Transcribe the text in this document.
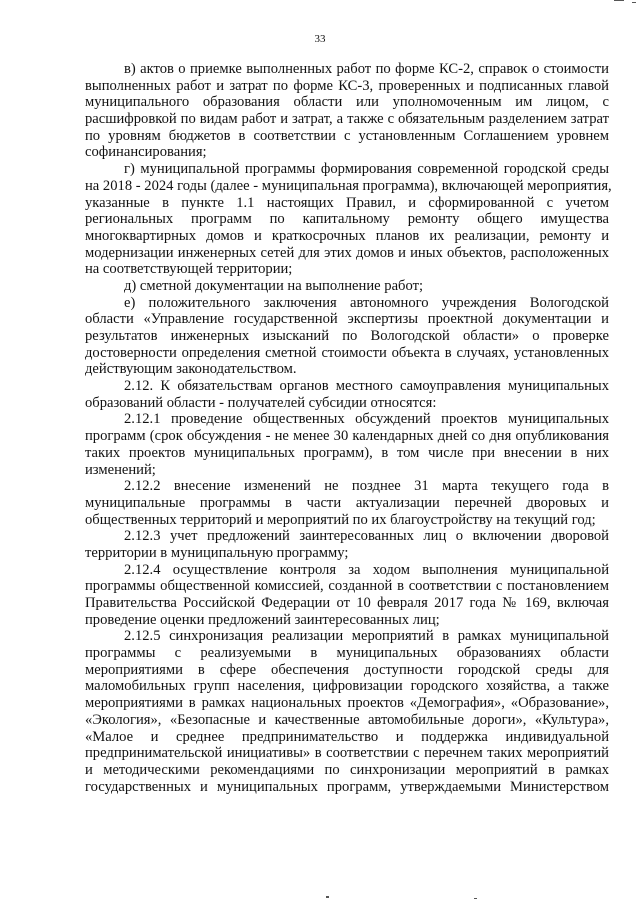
33
в) актов о приемке выполненных работ по форме КС-2, справок о стоимости
выполненных работ и затрат по форме КС-3, проверенных и подписанных главой
муниципального образования области или уполномоченным им лицом, с
расшифровкой по видам работ и затрат, а также с обязательным разделением затрат
по уровням бюджетов в соответствии с установленным Соглашением уровнем
софинансирования;
г) муниципальной программы формирования современной городской среды
на 2018 - 2024 годы (далее - муниципальная программа), включающей мероприятия,
указанные в пункте 1.1 настоящих Правил, и сформированной с учетом
региональных программ по капитальному ремонту общего имущества
многоквартирных домов и краткосрочных планов их реализации, ремонту и
модернизации инженерных сетей для этих домов и иных объектов, расположенных
на соответствующей территории;
д) сметной документации на выполнение работ;
е) положительного заключения автономного учреждения Вологодской
области «Управление государственной экспертизы проектной документации и
результатов инженерных изысканий по Вологодской области» о проверке
достоверности определения сметной стоимости объекта в случаях, установленных
действующим законодательством.
2.12. К обязательствам органов местного самоуправления муниципальных
образований области - получателей субсидии относятся:
2.12.1 проведение общественных обсуждений проектов муниципальных
программ (срок обсуждения - не менее 30 календарных дней со дня опубликования
таких проектов муниципальных программ), в том числе при внесении в них
изменений;
2.12.2 внесение изменений не позднее 31 марта текущего года в
муниципальные программы в части актуализации перечней дворовых и
общественных территорий и мероприятий по их благоустройству на текущий год;
2.12.3 учет предложений заинтересованных лиц о включении дворовой
территории в муниципальную программу;
2.12.4 осуществление контроля за ходом выполнения муниципальной
программы общественной комиссией, созданной в соответствии с постановлением
Правительства Российской Федерации от 10 февраля 2017 года № 169, включая
проведение оценки предложений заинтересованных лиц;
2.12.5 синхронизация реализации мероприятий в рамках муниципальной
программы с реализуемыми в муниципальных образованиях области
мероприятиями в сфере обеспечения доступности городской среды для
маломобильных групп населения, цифровизации городского хозяйства, а также
мероприятиями в рамках национальных проектов «Демография», «Образование»,
«Экология», «Безопасные и качественные автомобильные дороги», «Культура»,
«Малое и среднее предпринимательство и поддержка индивидуальной
предпринимательской инициативы» в соответствии с перечнем таких мероприятий
и методическими рекомендациями по синхронизации мероприятий в рамках
государственных и муниципальных программ, утверждаемыми Министерством
